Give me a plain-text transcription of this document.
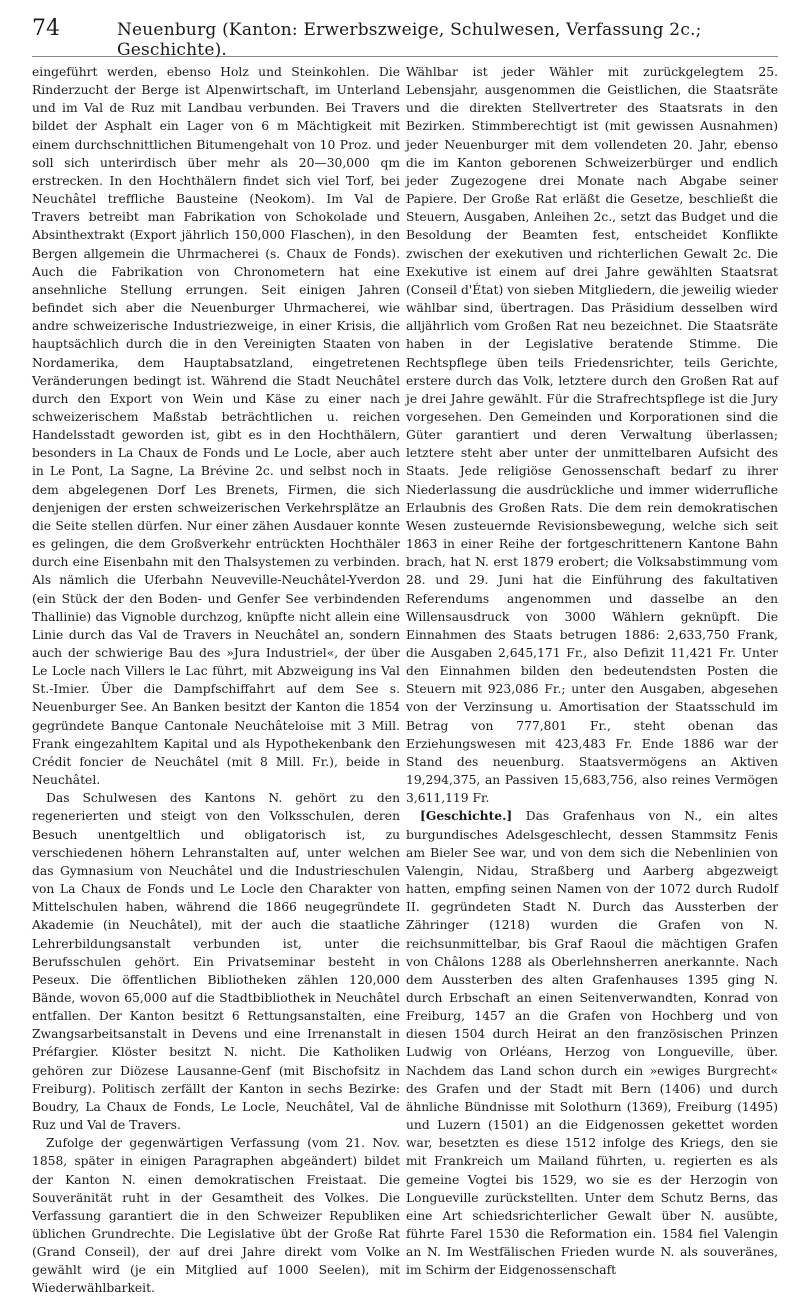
74	Neuenburg (Kanton: Erwerbszweige, Schulwesen, Verfassung 2c.; Geschichte).

eingeführt werden, ebenso Holz und Steinkohlen. Die Rinderzucht der Berge ist Alpenwirtschaft, im Unterland und im Val de Ruz mit Landbau verbunden. Bei Travers bildet der Asphalt ein Lager von 6 m Mächtigkeit mit einem durchschnittlichen Bitumengehalt von 10 Proz. und soll sich unterirdisch über mehr als 20—30,000 qm erstrecken. In den Hochthälern findet sich viel Torf, bei Neuchâtel treffliche Bausteine (Neokom). Im Val de Travers betreibt man Fabrikation von Schokolade und Absinthextrakt (Export jährlich 150,000 Flaschen), in den Bergen allgemein die Uhrmacherei (s. Chaux de Fonds). Auch die Fabrikation von Chronometern hat eine ansehnliche Stellung errungen. Seit einigen Jahren befindet sich aber die Neuenburger Uhrmacherei, wie andre schweizerische Industriezweige, in einer Krisis, die hauptsächlich durch die in den Vereinigten Staaten von Nordamerika, dem Hauptabsatzland, eingetretenen Veränderungen bedingt ist. Während die Stadt Neuchâtel durch den Export von Wein und Käse zu einer nach schweizerischem Maßstab beträchtlichen u. reichen Handelsstadt geworden ist, gibt es in den Hochthälern, besonders in La Chaux de Fonds und Le Locle, aber auch in Le Pont, La Sagne, La Brévine 2c. und selbst noch in dem abgelegenen Dorf Les Brenets, Firmen, die sich denjenigen der ersten schweizerischen Verkehrsplätze an die Seite stellen dürfen. Nur einer zähen Ausdauer konnte es gelingen, die dem Großverkehr entrückten Hochthäler durch eine Eisenbahn mit den Thalsystemen zu verbinden. Als nämlich die Uferbahn Neuveville-Neuchâtel-Yverdon (ein Stück der den Boden- und Genfer See verbindenden Thallinie) das Vignoble durchzog, knüpfte nicht allein eine Linie durch das Val de Travers in Neuchâtel an, sondern auch der schwierige Bau des »Jura Industriel«, der über Le Locle nach Villers le Lac führt, mit Abzweigung ins Val St.-Imier. Über die Dampfschiffahrt auf dem See s. Neuenburger See. An Banken besitzt der Kanton die 1854 gegründete Banque Cantonale Neuchâteloise mit 3 Mill. Frank eingezahltem Kapital und als Hypothekenbank den Crédit foncier de Neuchâtel (mit 8 Mill. Fr.), beide in Neuchâtel.

Das Schulwesen des Kantons N. gehört zu den regenerierten und steigt von den Volksschulen, deren Besuch unentgeltlich und obligatorisch ist, zu verschiedenen höhern Lehranstalten auf, unter welchen das Gymnasium von Neuchâtel und die Industrieschulen von La Chaux de Fonds und Le Locle den Charakter von Mittelschulen haben, während die 1866 neugegründete Akademie (in Neuchâtel), mit der auch die staatliche Lehrerbildungsanstalt verbunden ist, unter die Berufsschulen gehört. Ein Privatseminar besteht in Peseux. Die öffentlichen Bibliotheken zählen 120,000 Bände, wovon 65,000 auf die Stadtbibliothek in Neuchâtel entfallen. Der Kanton besitzt 6 Rettungsanstalten, eine Zwangsarbeitsanstalt in Devens und eine Irrenanstalt in Préfargier. Klöster besitzt N. nicht. Die Katholiken gehören zur Diözese Lausanne-Genf (mit Bischofsitz in Freiburg). Politisch zerfällt der Kanton in sechs Bezirke: Boudry, La Chaux de Fonds, Le Locle, Neuchâtel, Val de Ruz und Val de Travers.

Zufolge der gegenwärtigen Verfassung (vom 21. Nov. 1858, später in einigen Paragraphen abgeändert) bildet der Kanton N. einen demokratischen Freistaat. Die Souveränität ruht in der Gesamtheit des Volkes. Die Verfassung garantiert die in den Schweizer Republiken üblichen Grundrechte. Die Legislative übt der Große Rat (Grand Conseil), der auf drei Jahre direkt vom Volke gewählt wird (je ein Mitglied auf 1000 Seelen), mit Wiederwählbarkeit.

Wählbar ist jeder Wähler mit zurückgelegtem 25. Lebensjahr, ausgenommen die Geistlichen, die Staatsräte und die direkten Stellvertreter des Staatsrats in den Bezirken. Stimmberechtigt ist (mit gewissen Ausnahmen) jeder Neuenburger mit dem vollendeten 20. Jahr, ebenso die im Kanton geborenen Schweizerbürger und endlich jeder Zugezogene drei Monate nach Abgabe seiner Papiere. Der Große Rat erläßt die Gesetze, beschließt die Steuern, Ausgaben, Anleihen 2c., setzt das Budget und die Besoldung der Beamten fest, entscheidet Konflikte zwischen der exekutiven und richterlichen Gewalt 2c. Die Exekutive ist einem auf drei Jahre gewählten Staatsrat (Conseil d'État) von sieben Mitgliedern, die jeweilig wieder wählbar sind, übertragen. Das Präsidium desselben wird alljährlich vom Großen Rat neu bezeichnet. Die Staatsräte haben in der Legislative beratende Stimme. Die Rechtspflege üben teils Friedensrichter, teils Gerichte, erstere durch das Volk, letztere durch den Großen Rat auf je drei Jahre gewählt. Für die Strafrechtspflege ist die Jury vorgesehen. Den Gemeinden und Korporationen sind die Güter garantiert und deren Verwaltung überlassen; letztere steht aber unter der unmittelbaren Aufsicht des Staats. Jede religiöse Genossenschaft bedarf zu ihrer Niederlassung die ausdrückliche und immer widerrufliche Erlaubnis des Großen Rats. Die dem rein demokratischen Wesen zusteuernde Revisionsbewegung, welche sich seit 1863 in einer Reihe der fortgeschrittenern Kantone Bahn brach, hat N. erst 1879 erobert; die Volksabstimmung vom 28. und 29. Juni hat die Einführung des fakultativen Referendums angenommen und dasselbe an den Willensausdruck von 3000 Wählern geknüpft. Die Einnahmen des Staats betrugen 1886: 2,633,750 Frank, die Ausgaben 2,645,171 Fr., also Defizit 11,421 Fr. Unter den Einnahmen bilden den bedeutendsten Posten die Steuern mit 923,086 Fr.; unter den Ausgaben, abgesehen von der Verzinsung u. Amortisation der Staatsschuld im Betrag von 777,801 Fr., steht obenan das Erziehungswesen mit 423,483 Fr. Ende 1886 war der Stand des neuenburg. Staatsvermögens an Aktiven 19,294,375, an Passiven 15,683,756, also reines Vermögen 3,611,119 Fr.

[Geschichte.] Das Grafenhaus von N., ein altes burgundisches Adelsgeschlecht, dessen Stammsitz Fenis am Bieler See war, und von dem sich die Nebenlinien von Valengin, Nidau, Straßberg und Aarberg abgezweigt hatten, empfing seinen Namen von der 1072 durch Rudolf II. gegründeten Stadt N. Durch das Aussterben der Zähringer (1218) wurden die Grafen von N. reichsunmittelbar, bis Graf Raoul die mächtigen Grafen von Châlons 1288 als Oberlehnsherren anerkannte. Nach dem Aussterben des alten Grafenhauses 1395 ging N. durch Erbschaft an einen Seitenverwandten, Konrad von Freiburg, 1457 an die Grafen von Hochberg und von diesen 1504 durch Heirat an den französischen Prinzen Ludwig von Orléans, Herzog von Longueville, über. Nachdem das Land schon durch ein »ewiges Burgrecht« des Grafen und der Stadt mit Bern (1406) und durch ähnliche Bündnisse mit Solothurn (1369), Freiburg (1495) und Luzern (1501) an die Eidgenossen gekettet worden war, besetzten es diese 1512 infolge des Kriegs, den sie mit Frankreich um Mailand führten, u. regierten es als gemeine Vogtei bis 1529, wo sie es der Herzogin von Longueville zurückstellten. Unter dem Schutz Berns, das eine Art schiedsrichterlicher Gewalt über N. ausübte, führte Farel 1530 die Reformation ein. 1584 fiel Valengin an N. Im Westfälischen Frieden wurde N. als souveränes, im Schirm der Eidgenossenschaft
